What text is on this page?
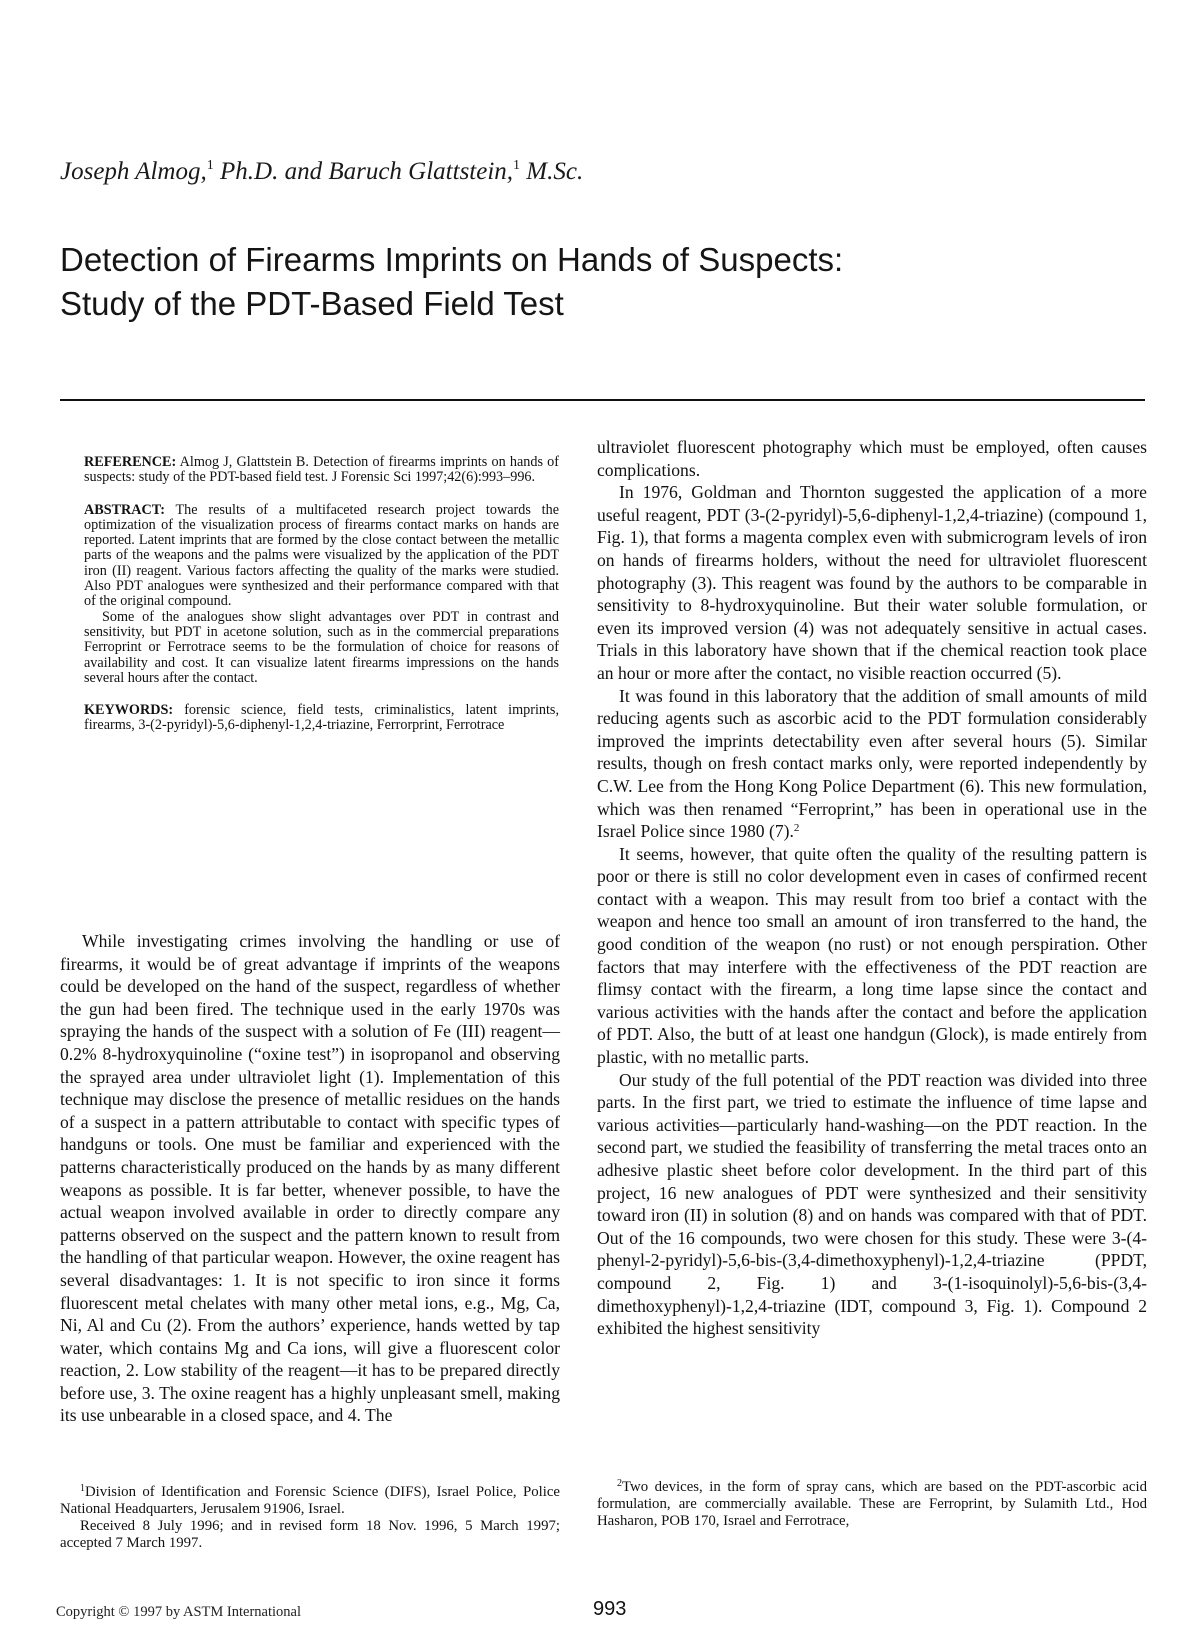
Joseph Almog,$^1$ Ph.D. and Baruch Glattstein,$^1$ M.Sc.
Detection of Firearms Imprints on Hands of Suspects:
Study of the PDT-Based Field Test

REFERENCE: Almog J, Glattstein B. Detection of firearms imprints on hands of suspects: study of the PDT-based field test. J Forensic Sci 1997;42(6):993–996.

ABSTRACT: The results of a multifaceted research project towards the optimization of the visualization process of firearms contact marks on hands are reported. Latent imprints that are formed by the close contact between the metallic parts of the weapons and the palms were visualized by the application of the PDT iron (II) reagent. Various factors affecting the quality of the marks were studied. Also PDT analogues were synthesized and their performance compared with that of the original compound.

Some of the analogues show slight advantages over PDT in contrast and sensitivity, but PDT in acetone solution, such as in the commercial preparations Ferroprint or Ferrotrace seems to be the formulation of choice for reasons of availability and cost. It can visualize latent firearms impressions on the hands several hours after the contact.

KEYWORDS: forensic science, field tests, criminalistics, latent imprints, firearms, 3-(2-pyridyl)-5,6-diphenyl-1,2,4-triazine, Ferrorprint, Ferrotrace

While investigating crimes involving the handling or use of firearms, it would be of great advantage if imprints of the weapons could be developed on the hand of the suspect, regardless of whether the gun had been fired. The technique used in the early 1970s was spraying the hands of the suspect with a solution of Fe (III) reagent—0.2% 8-hydroxyquinoline (“oxine test”) in isopropanol and observing the sprayed area under ultraviolet light (1). Implementation of this technique may disclose the presence of metallic residues on the hands of a suspect in a pattern attributable to contact with specific types of handguns or tools. One must be familiar and experienced with the patterns characteristically produced on the hands by as many different weapons as possible. It is far better, whenever possible, to have the actual weapon involved available in order to directly compare any patterns observed on the suspect and the pattern known to result from the handling of that particular weapon. However, the oxine reagent has several disadvantages: 1. It is not specific to iron since it forms fluorescent metal chelates with many other metal ions, e.g., Mg, Ca, Ni, Al and Cu (2). From the authors’ experience, hands wetted by tap water, which contains Mg and Ca ions, will give a fluorescent color reaction, 2. Low stability of the reagent—it has to be prepared directly before use, 3. The oxine reagent has a highly unpleasant smell, making its use unbearable in a closed space, and 4. The

ultraviolet fluorescent photography which must be employed, often causes complications.

In 1976, Goldman and Thornton suggested the application of a more useful reagent, PDT (3-(2-pyridyl)-5,6-diphenyl-1,2,4-triazine) (compound 1, Fig. 1), that forms a magenta complex even with submicrogram levels of iron on hands of firearms holders, without the need for ultraviolet fluorescent photography (3). This reagent was found by the authors to be comparable in sensitivity to 8-hydroxyquinoline. But their water soluble formulation, or even its improved version (4) was not adequately sensitive in actual cases. Trials in this laboratory have shown that if the chemical reaction took place an hour or more after the contact, no visible reaction occurred (5).

It was found in this laboratory that the addition of small amounts of mild reducing agents such as ascorbic acid to the PDT formulation considerably improved the imprints detectability even after several hours (5). Similar results, though on fresh contact marks only, were reported independently by C.W. Lee from the Hong Kong Police Department (6). This new formulation, which was then renamed “Ferroprint,” has been in operational use in the Israel Police since 1980 (7).$^2$

It seems, however, that quite often the quality of the resulting pattern is poor or there is still no color development even in cases of confirmed recent contact with a weapon. This may result from too brief a contact with the weapon and hence too small an amount of iron transferred to the hand, the good condition of the weapon (no rust) or not enough perspiration. Other factors that may interfere with the effectiveness of the PDT reaction are flimsy contact with the firearm, a long time lapse since the contact and various activities with the hands after the contact and before the application of PDT. Also, the butt of at least one handgun (Glock), is made entirely from plastic, with no metallic parts.

Our study of the full potential of the PDT reaction was divided into three parts. In the first part, we tried to estimate the influence of time lapse and various activities—particularly hand-washing—on the PDT reaction. In the second part, we studied the feasibility of transferring the metal traces onto an adhesive plastic sheet before color development. In the third part of this project, 16 new analogues of PDT were synthesized and their sensitivity toward iron (II) in solution (8) and on hands was compared with that of PDT. Out of the 16 compounds, two were chosen for this study. These were 3-(4-phenyl-2-pyridyl)-5,6-bis-(3,4-dimethoxyphenyl)-1,2,4-triazine (PPDT, compound 2, Fig. 1) and 3-(1-isoquinolyl)-5,6-bis-(3,4-dimethoxyphenyl)-1,2,4-triazine (IDT, compound 3, Fig. 1). Compound 2 exhibited the highest sensitivity

$^1$Division of Identification and Forensic Science (DIFS), Israel Police, Police National Headquarters, Jerusalem 91906, Israel.

Received 8 July 1996; and in revised form 18 Nov. 1996, 5 March 1997; accepted 7 March 1997.

$^2$Two devices, in the form of spray cans, which are based on the PDT-ascorbic acid formulation, are commercially available. These are Ferroprint, by Sulamith Ltd., Hod Hasharon, POB 170, Israel and Ferrotrace,

Copyright © 1997 by ASTM International	993
